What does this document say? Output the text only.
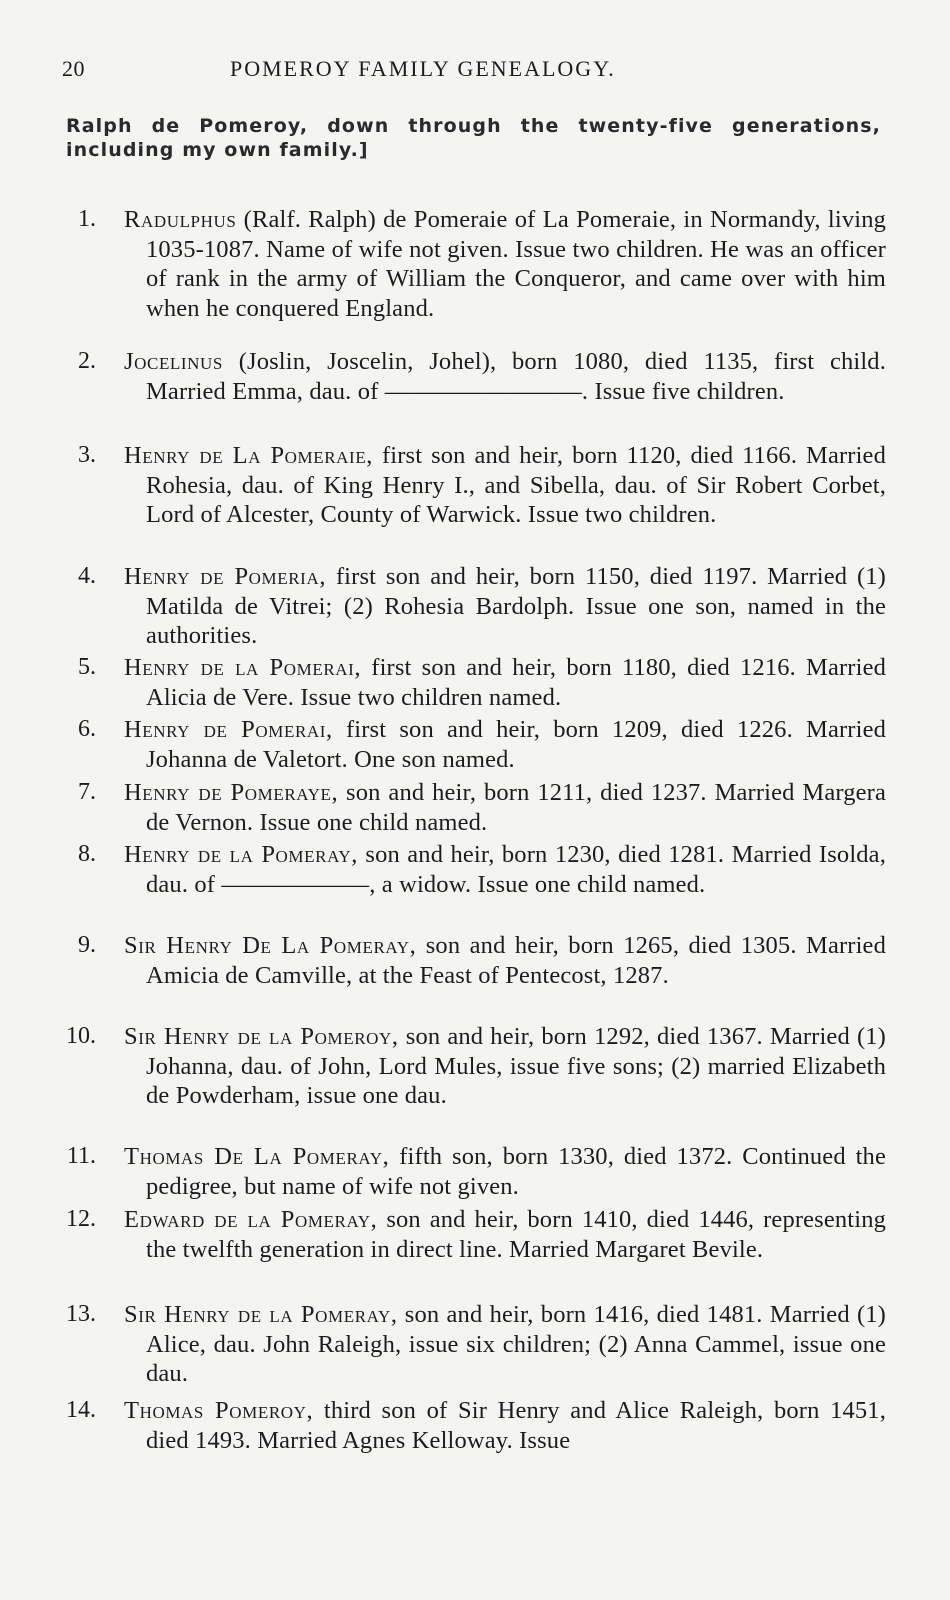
20	POMEROY FAMILY GENEALOGY.
Ralph de Pomeroy, down through the twenty-five generations, including my own family.]
1. Radulphus (Ralf. Ralph) de Pomeraie of La Pomeraie, in Normandy, living 1035-1087. Name of wife not given. Issue two children. He was an officer of rank in the army of William the Conqueror, and came over with him when he conquered England.
2. Jocelinus (Joslin, Joscelin, Johel), born 1080, died 1135, first child. Married Emma, dau. of ————————. Issue five children.
3. Henry de La Pomeraie, first son and heir, born 1120, died 1166. Married Rohesia, dau. of King Henry I., and Sibella, dau. of Sir Robert Corbet, Lord of Alcester, County of Warwick. Issue two children.
4. Henry de Pomeria, first son and heir, born 1150, died 1197. Married (1) Matilda de Vitrei; (2) Rohesia Bardolph. Issue one son, named in the authorities.
5. Henry de la Pomerai, first son and heir, born 1180, died 1216. Married Alicia de Vere. Issue two children named.
6. Henry de Pomerai, first son and heir, born 1209, died 1226. Married Johanna de Valetort. One son named.
7. Henry de Pomeraye, son and heir, born 1211, died 1237. Married Margera de Vernon. Issue one child named.
8. Henry de la Pomeray, son and heir, born 1230, died 1281. Married Isolda, dau. of ——————, a widow. Issue one child named.
9. Sir Henry De La Pomeray, son and heir, born 1265, died 1305. Married Amicia de Camville, at the Feast of Pentecost, 1287.
10. Sir Henry de la Pomeroy, son and heir, born 1292, died 1367. Married (1) Johanna, dau. of John, Lord Mules, issue five sons; (2) married Elizabeth de Powderham, issue one dau.
11. Thomas De La Pomeray, fifth son, born 1330, died 1372. Continued the pedigree, but name of wife not given.
12. Edward de la Pomeray, son and heir, born 1410, died 1446, representing the twelfth generation in direct line. Married Margaret Bevile.
13. Sir Henry de la Pomeray, son and heir, born 1416, died 1481. Married (1) Alice, dau. John Raleigh, issue six children; (2) Anna Cammel, issue one dau.
14. Thomas Pomeroy, third son of Sir Henry and Alice Raleigh, born 1451, died 1493. Married Agnes Kelloway. Issue
